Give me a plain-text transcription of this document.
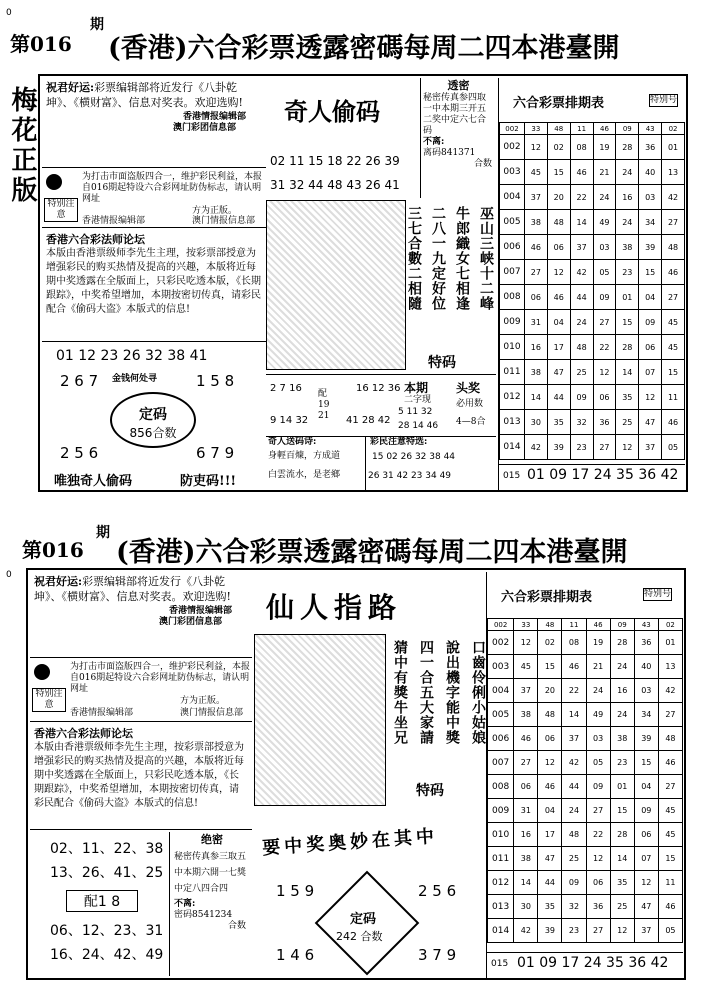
0
第016
期
(香港)六合彩票透露密碼每周二四本港臺開
梅花正版 祝君好运:彩票编辑部将近发行《八卦乾坤》、《横财富》、信息对奖表。欢迎选购!
香港情报编辑部
澳门彩团信息部
特别注意
为打击市面盗版四合一，维护彩民利益，本报自016期起特设六合彩网址防伪标志，请认明网址
方为正版。
香港情报编辑部	澳门情报信息部
香港六合彩法师论坛
本版由香港票级师李先生主理，按彩票部授意为增强彩民的购买热情及提高的兴趣，本版将近每期中奖透露在全版面上，只彩民吃透本版，《长期跟踪》，中奖希望增加，本期按密切传真，请彩民配合《偷码大盗》本版式的信息!
01 12 23 26 32 38 41
2 6 7	1 5 8
金钱何处寻
定码
856合数
2 5 6	6 7 9
唯独奇人偷码	防吏码!!!
奇人偷码
02 11 15 18 22 26 39
31 32 44 48 43 26 41
巫山三峡十二峰
牛郎織女七相逢
二八一九定好位
三七合數二相隨
特码
透密
秘密传真参四取一中本期三开五二奖中定六七合码
不离:
离码841371
合数
2 7 16	16 12 36
配19 21
9 14 32	41 28 42
本期
二字现
5 11 32
28 14 46
头奖
必用数
4—8合
奇人送码诗:
身輕百煉，方成道
白雲流水，是老鄉
彩民注意特选:
15 02 26 32 38 44
26 31 42 23 34 49
六合彩票排期表	特别号
002	33	48	11	46	09	43	02
002	12	02	08	19	28	36	01
003	45	15	46	21	24	40	13
004	37	20	22	24	16	03	42
005	38	48	14	49	24	34	27
006	46	06	37	03	38	39	48
007	27	12	42	05	23	15	46
008	06	46	44	09	01	04	27
009	31	04	24	27	15	09	45
010	16	17	48	22	28	06	45
011	38	47	25	12	14	07	15
012	14	44	09	06	35	12	11
013	30	35	32	36	25	47	46
014	42	39	23	27	12	37	05
015 01 09 17 24 35 36 42
0
第016
期
(香港)六合彩票透露密碼每周二四本港臺開
祝君好运:彩票编辑部将近发行《八卦乾坤》、《横财富》、信息对奖表。欢迎选购!
香港情报编辑部
澳门彩团信息部
特别注意
为打击市面盗版四合一，维护彩民利益，本报自016期起特设六合彩网址防伪标志，请认明网址
方为正版。
香港情报编辑部	澳门情报信息部
香港六合彩法师论坛
本版由香港票级师李先生主理，按彩票部授意为增强彩民的购买热情及提高的兴趣，本版将近每期中奖透露在全版面上，只彩民吃透本版，《长期跟踪》，中奖希望增加，本期按密切传真，请彩民配合《偷码大盗》本版式的信息!
02、11、22、38
13、26、41、25
配1 8
06、12、23、31
16、24、42、49
绝密
秘密传真参三取五中本期六開一七獎中定八四合四
不离:
密码8541234
合数
仙人指路
口齒伶俐小姑娘
說出機字能中獎
四一合五大家請
猜中有獎牛坐兄
特码
要中奖奥妙在其中
1 5 9	2 5 6
定码
242 合数
1 4 6	3 7 9
六合彩票排期表	特别号
002	33	48	11	46	09	43	02
002	12	02	08	19	28	36	01
003	45	15	46	21	24	40	13
004	37	20	22	24	16	03	42
005	38	48	14	49	24	34	27
006	46	06	37	03	38	39	48
007	27	12	42	05	23	15	46
008	06	46	44	09	01	04	27
009	31	04	24	27	15	09	45
010	16	17	48	22	28	06	45
011	38	47	25	12	14	07	15
012	14	44	09	06	35	12	11
013	30	35	32	36	25	47	46
014	42	39	23	27	12	37	05
015 01 09 17 24 35 36 42
